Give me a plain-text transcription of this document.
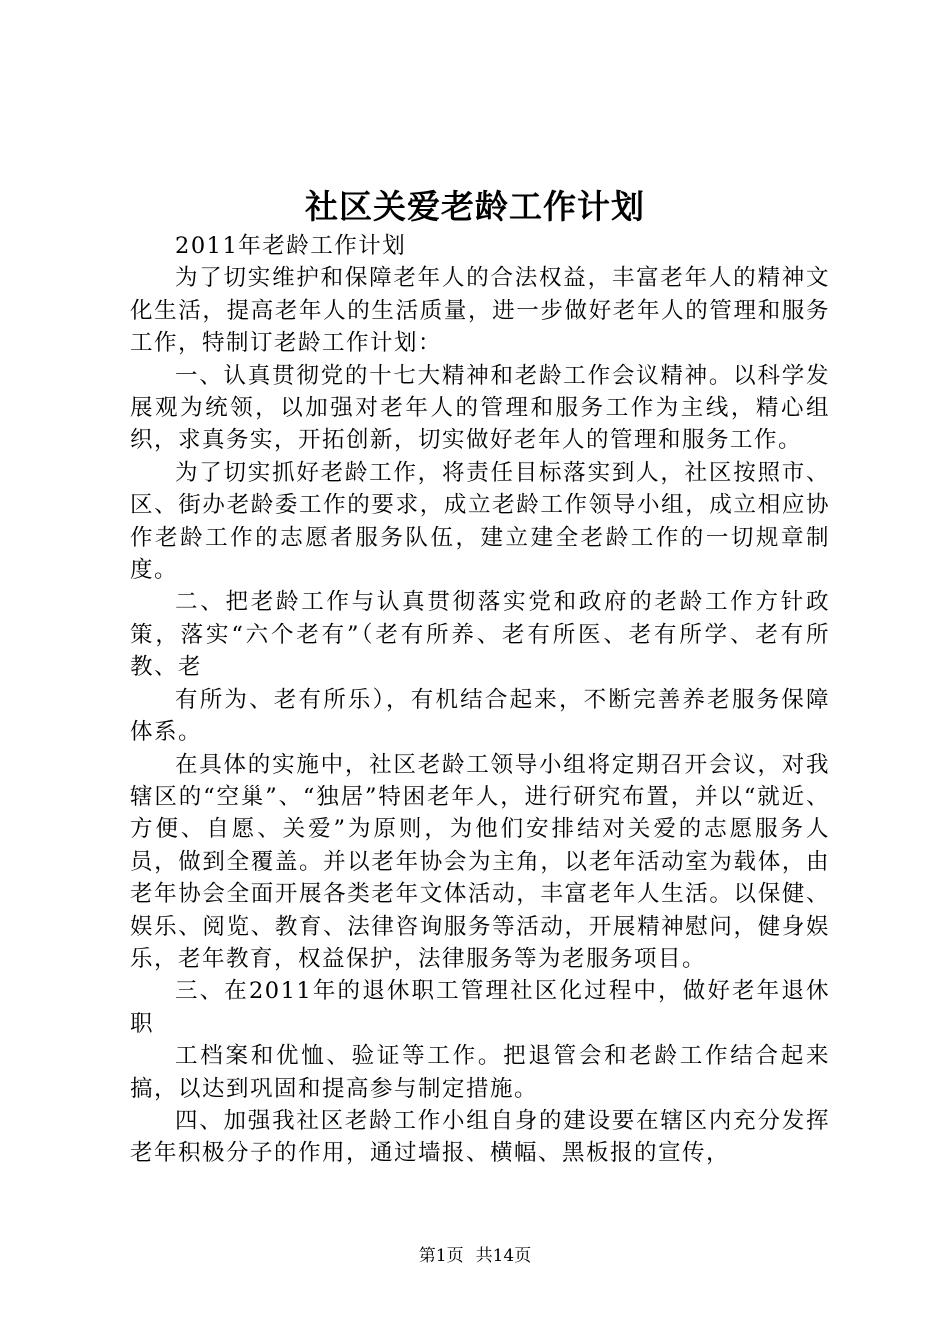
社区关爱老龄工作计划

2011年老龄工作计划

为了切实维护和保障老年人的合法权益，丰富老年人的精神文化生活，提高老年人的生活质量，进一步做好老年人的管理和服务工作，特制订老龄工作计划：

一、认真贯彻党的十七大精神和老龄工作会议精神。以科学发展观为统领，以加强对老年人的管理和服务工作为主线，精心组织，求真务实，开拓创新，切实做好老年人的管理和服务工作。

为了切实抓好老龄工作，将责任目标落实到人，社区按照市、区、街办老龄委工作的要求，成立老龄工作领导小组，成立相应协作老龄工作的志愿者服务队伍，建立建全老龄工作的一切规章制度。

二、把老龄工作与认真贯彻落实党和政府的老龄工作方针政策，落实“六个老有”（老有所养、老有所医、老有所学、老有所教、老

有所为、老有所乐），有机结合起来，不断完善养老服务保障体系。

在具体的实施中，社区老龄工领导小组将定期召开会议，对我辖区的“空巢”、“独居”特困老年人，进行研究布置，并以“就近、方便、自愿、关爱”为原则，为他们安排结对关爱的志愿服务人员，做到全覆盖。并以老年协会为主角，以老年活动室为载体，由老年协会全面开展各类老年文体活动，丰富老年人生活。以保健、娱乐、阅览、教育、法律咨询服务等活动，开展精神慰问，健身娱乐，老年教育，权益保护，法律服务等为老服务项目。

三、在2011年的退休职工管理社区化过程中，做好老年退休职

工档案和优恤、验证等工作。把退管会和老龄工作结合起来搞，以达到巩固和提高参与制定措施。

四、加强我社区老龄工作小组自身的建设要在辖区内充分发挥老年积极分子的作用，通过墙报、横幅、黑板报的宣传，

第1页 共14页
